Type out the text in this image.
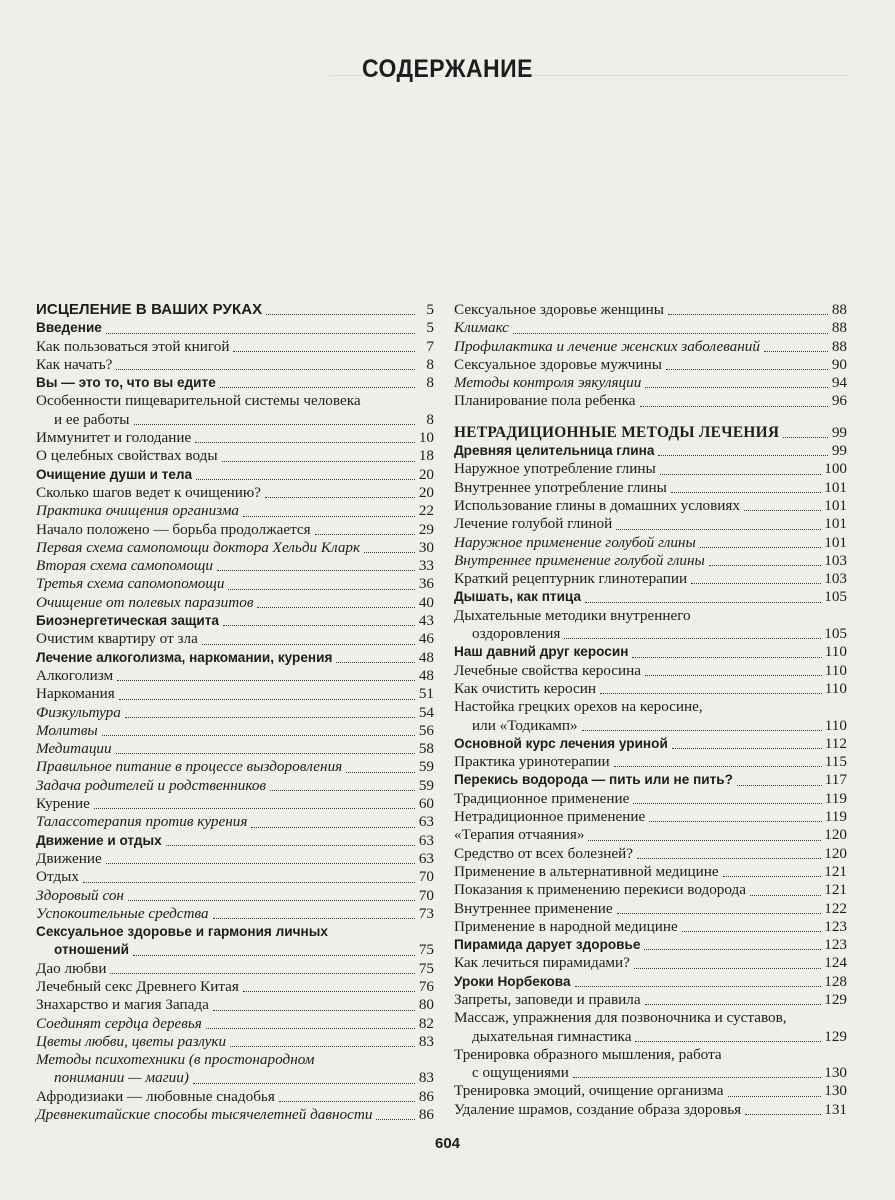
СОДЕРЖАНИЕ
ИСЦЕЛЕНИЕ В ВАШИХ РУКАХ	5
Введение	5
Как пользоваться этой книгой	7
Как начать?	8
Вы — это то, что вы едите	8
Особенности пищеварительной системы человека
и ее работы	8
Иммунитет и голодание	10
О целебных свойствах воды	18
Очищение души и тела	20
Сколько шагов ведет к очищению?	20
Практика очищения организма	22
Начало положено — борьба продолжается	29
Первая схема самопомощи доктора Хельди Кларк	30
Вторая схема самопомощи	33
Третья схема сапомопомощи	36
Очищение от полевых паразитов	40
Биоэнергетическая защита	43
Очистим квартиру от зла	46
Лечение алкоголизма, наркомании, курения	48
Алкоголизм	48
Наркомания	51
Физкультура	54
Молитвы	56
Медитации	58
Правильное питание в процессе выздоровления	59
Задача родителей и родственников	59
Курение	60
Талассотерапия против курения	63
Движение и отдых	63
Движение	63
Отдых	70
Здоровый сон	70
Успокоительные средства	73
Сексуальное здоровье и гармония личных
отношений	75
Дао любви	75
Лечебный секс Древнего Китая	76
Знахарство и магия Запада	80
Соединят сердца деревья	82
Цветы любви, цветы разлуки	83
Методы психотехники (в простонародном
понимании — магии)	83
Афродизиаки — любовные снадобья	86
Древнекитайские способы тысячелетней давности	86
Сексуальное здоровье женщины	88
Климакс	88
Профилактика и лечение женских заболеваний	88
Сексуальное здоровье мужчины	90
Методы контроля эякуляции	94
Планирование пола ребенка	96
НЕТРАДИЦИОННЫЕ МЕТОДЫ ЛЕЧЕНИЯ	99
Древняя целительница глина	99
Наружное употребление глины	100
Внутреннее употребление глины	101
Использование глины в домашних условиях	101
Лечение голубой глиной	101
Наружное применение голубой глины	101
Внутреннее применение голубой глины	103
Краткий рецептурник глинотерапии	103
Дышать, как птица	105
Дыхательные методики внутреннего
оздоровления	105
Наш давний друг керосин	110
Лечебные свойства керосина	110
Как очистить керосин	110
Настойка грецких орехов на керосине,
или «Тодикамп»	110
Основной курс лечения уриной	112
Практика уринотерапии	115
Перекись водорода — пить или не пить?	117
Традиционное применение	119
Нетрадиционное применение	119
«Терапия отчаяния»	120
Средство от всех болезней?	120
Применение в альтернативной медицине	121
Показания к применению перекиси водорода	121
Внутреннее применение	122
Применение в народной медицине	123
Пирамида дарует здоровье	123
Как лечиться пирамидами?	124
Уроки Норбекова	128
Запреты, заповеди и правила	129
Массаж, упражнения для позвоночника и суставов,
дыхательная гимнастика	129
Тренировка образного мышления, работа
с ощущениями	130
Тренировка эмоций, очищение организма	130
Удаление шрамов, создание образа здоровья	131
604
